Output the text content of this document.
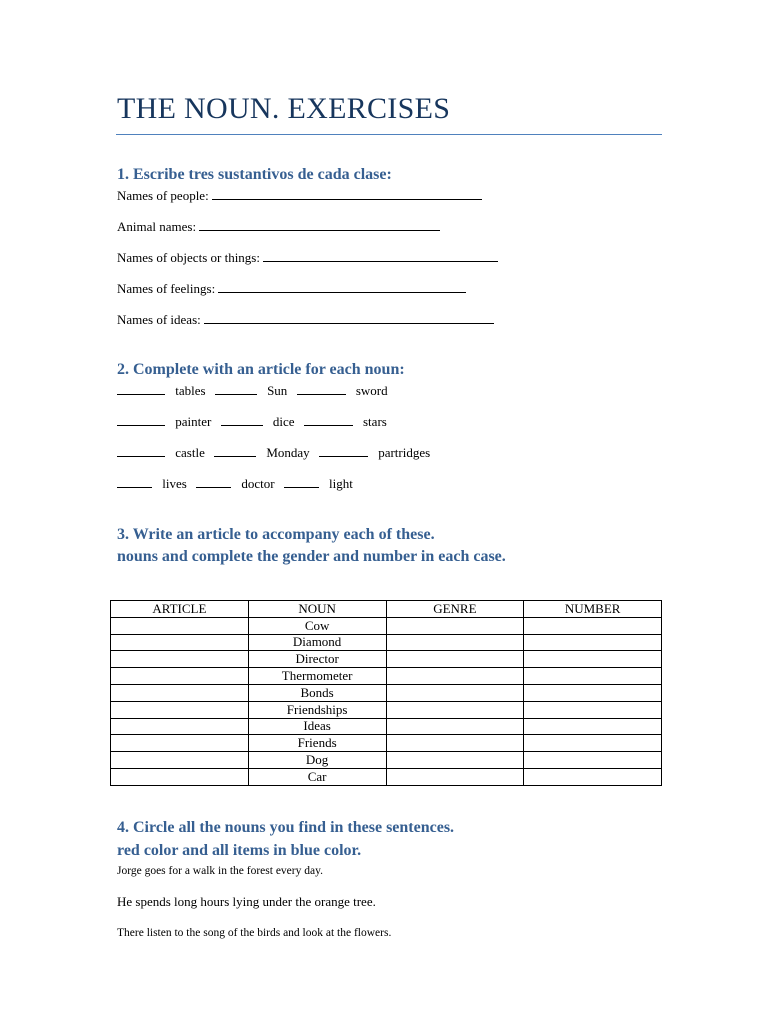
THE NOUN. EXERCISES
1. Escribe tres sustantivos de cada clase:
Names of people:
Animal names:
Names of objects or things:
Names of feelings:
Names of ideas:
2. Complete with an article for each noun:
tables	Sun	sword
painter	dice	stars
castle	Monday	partridges
lives	doctor	light
3. Write an article to accompany each of these.
nouns and complete the gender and number in each case.
ARTICLE	NOUN	GENRE	NUMBER
	Cow		
	Diamond		
	Director		
	Thermometer		
	Bonds		
	Friendships		
	Ideas		
	Friends		
	Dog		
	Car		
4. Circle all the nouns you find in these sentences.
red color and all items in blue color.
Jorge goes for a walk in the forest every day.
He spends long hours lying under the orange tree.
There listen to the song of the birds and look at the flowers.
